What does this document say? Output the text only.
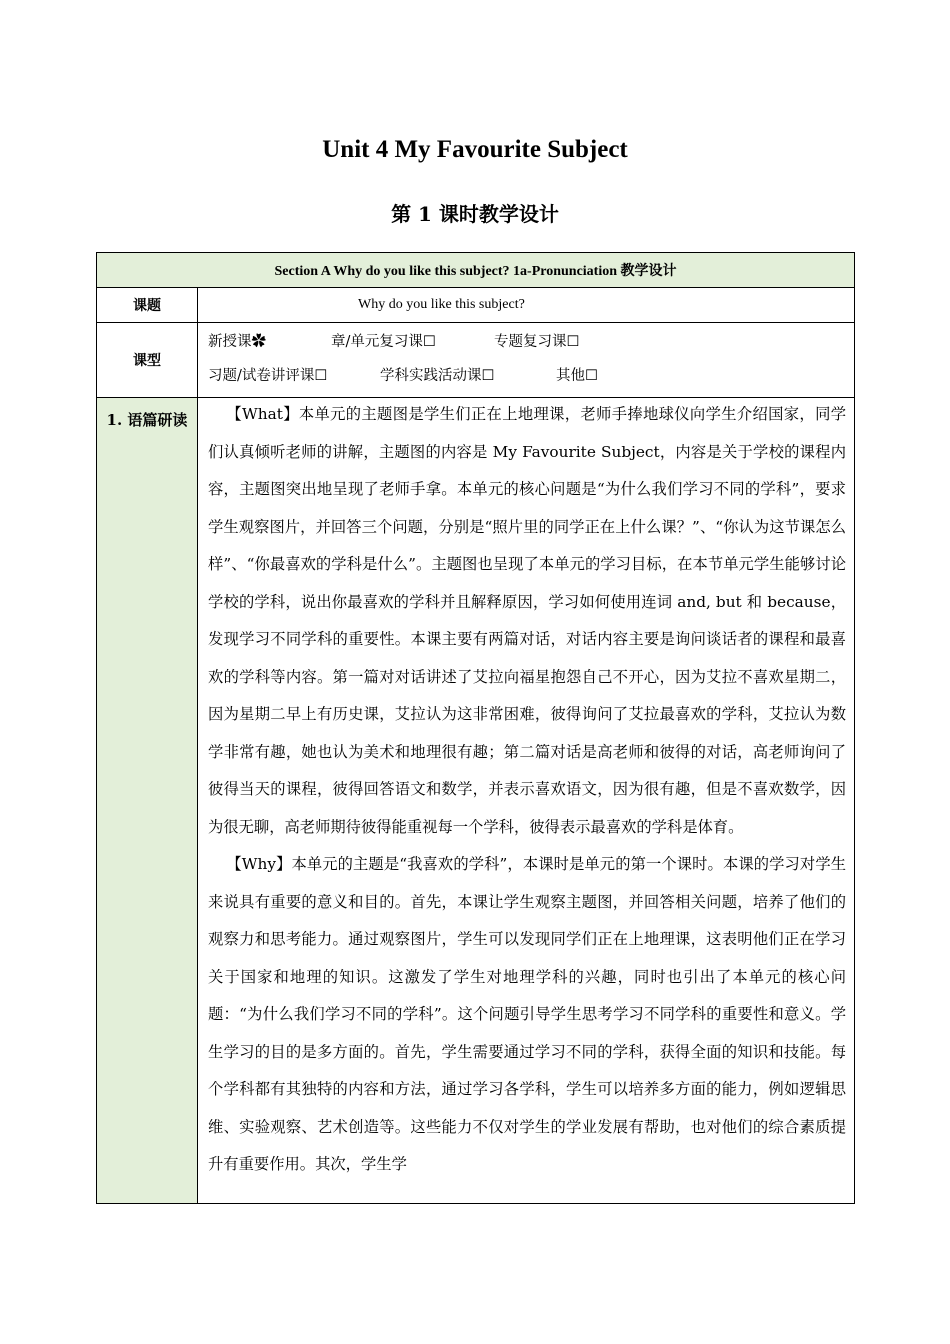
Unit 4 My Favourite Subject
第 1 课时教学设计
Section A Why do you like this subject? 1a-Pronunciation 教学设计	
课题	Why do you like this subject?
课型	新授课✿ 章/单元复习课☐ 专题复习课☐
习题/试卷讲评课☐ 学科实践活动课☐ 其他☐

1. 语篇研读	【What】本单元的主题图是学生们正在上地理课，老师手捧地球仪向学生介绍国家，同学们认真倾听老师的讲解，主题图的内容是 My Favourite Subject，内容是关于学校的课程内容，主题图突出地呈现了老师手拿。本单元的核心问题是“为什么我们学习不同的学科”，要求学生观察图片，并回答三个问题，分别是“照片里的同学正在上什么课？”、“你认为这节课怎么样”、“你最喜欢的学科是什么”。主题图也呈现了本单元的学习目标，在本节单元学生能够讨论学校的学科，说出你最喜欢的学科并且解释原因，学习如何使用连词 and, but 和 because，发现学习不同学科的重要性。本课主要有两篇对话，对话内容主要是询问谈话者的课程和最喜欢的学科等内容。第一篇对对话讲述了艾拉向福星抱怨自己不开心，因为艾拉不喜欢星期二，因为星期二早上有历史课，艾拉认为这非常困难，彼得询问了艾拉最喜欢的学科，艾拉认为数学非常有趣，她也认为美术和地理很有趣；第二篇对话是高老师和彼得的对话，高老师询问了彼得当天的课程，彼得回答语文和数学，并表示喜欢语文，因为很有趣，但是不喜欢数学，因为很无聊，高老师期待彼得能重视每一个学科，彼得表示最喜欢的学科是体育。

【Why】本单元的主题是“我喜欢的学科”，本课时是单元的第一个课时。本课的学习对学生来说具有重要的意义和目的。首先，本课让学生观察主题图，并回答相关问题，培养了他们的观察力和思考能力。通过观察图片，学生可以发现同学们正在上地理课，这表明他们正在学习关于国家和地理的知识。这激发了学生对地理学科的兴趣，同时也引出了本单元的核心问题：“为什么我们学习不同的学科”。这个问题引导学生思考学习不同学科的重要性和意义。学生学习的目的是多方面的。首先，学生需要通过学习不同的学科，获得全面的知识和技能。每个学科都有其独特的内容和方法，通过学习各学科，学生可以培养多方面的能力，例如逻辑思维、实验观察、艺术创造等。这些能力不仅对学生的学业发展有帮助，也对他们的综合素质提升有重要作用。其次，学生学
